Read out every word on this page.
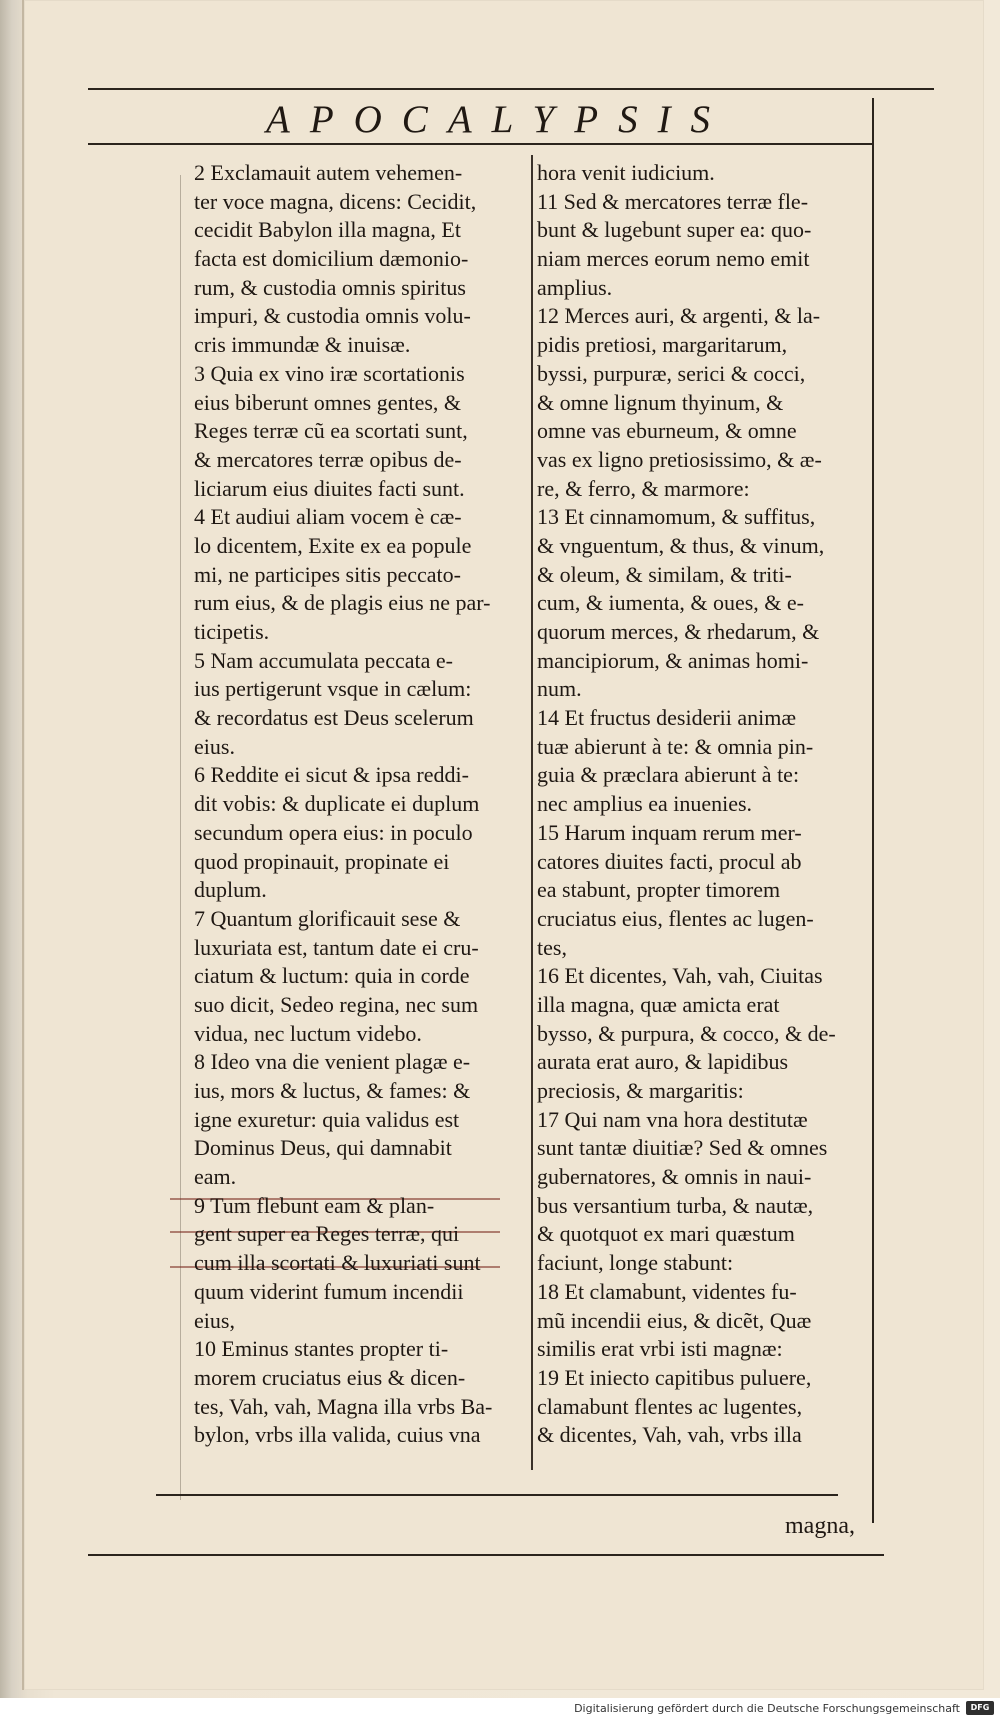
APOCALYPSIS
2 Exclamauit autem vehemen-
ter voce magna, dicens: Cecidit,
cecidit Babylon illa magna, Et
facta est domicilium dæmonio-
rum, & custodia omnis spiritus
impuri, & custodia omnis volu-
cris immundæ & inuisæ.
3 Quia ex vino iræ scortationis
eius biberunt omnes gentes, &
Reges terræ cũ ea scortati sunt,
& mercatores terræ opibus de-
liciarum eius diuites facti sunt.
4 Et audiui aliam vocem è cæ-
lo dicentem, Exite ex ea popule
mi, ne participes sitis peccato-
rum eius, & de plagis eius ne par-
ticipetis.
5 Nam accumulata peccata e-
ius pertigerunt vsque in cælum:
& recordatus est Deus scelerum
eius.
6 Reddite ei sicut & ipsa reddi-
dit vobis: & duplicate ei duplum
secundum opera eius: in poculo
quod propinauit, propinate ei
duplum.
7 Quantum glorificauit sese &
luxuriata est, tantum date ei cru-
ciatum & luctum: quia in corde
suo dicit, Sedeo regina, nec sum
vidua, nec luctum videbo.
8 Ideo vna die venient plagæ e-
ius, mors & luctus, & fames: &
igne exuretur: quia validus est
Dominus Deus, qui damnabit
eam.
9 Tum flebunt eam & plan-
gent super ea Reges terræ, qui
cum illa scortati & luxuriati sunt
quum viderint fumum incendii
eius,
10 Eminus stantes propter ti-
morem cruciatus eius & dicen-
tes, Vah, vah, Magna illa vrbs Ba-
bylon, vrbs illa valida, cuius vna
hora venit iudicium.
11 Sed & mercatores terræ fle-
bunt & lugebunt super ea: quo-
niam merces eorum nemo emit
amplius.
12 Merces auri, & argenti, & la-
pidis pretiosi, margaritarum,
byssi, purpuræ, serici & cocci,
& omne lignum thyinum, &
omne vas eburneum, & omne
vas ex ligno pretiosissimo, & æ-
re, & ferro, & marmore:
13 Et cinnamomum, & suffitus,
& vnguentum, & thus, & vinum,
& oleum, & similam, & triti-
cum, & iumenta, & oues, & e-
quorum merces, & rhedarum, &
mancipiorum, & animas homi-
num.
14 Et fructus desiderii animæ
tuæ abierunt à te: & omnia pin-
guia & præclara abierunt à te:
nec amplius ea inuenies.
15 Harum inquam rerum mer-
catores diuites facti, procul ab
ea stabunt, propter timorem
cruciatus eius, flentes ac lugen-
tes,
16 Et dicentes, Vah, vah, Ciuitas
illa magna, quæ amicta erat
bysso, & purpura, & cocco, & de-
aurata erat auro, & lapidibus
preciosis, & margaritis:
17 Qui nam vna hora destitutæ
sunt tantæ diuitiæ? Sed & omnes
gubernatores, & omnis in naui-
bus versantium turba, & nautæ,
& quotquot ex mari quæstum
faciunt, longe stabunt:
18 Et clamabunt, videntes fu-
mũ incendii eius, & dicẽt, Quæ
similis erat vrbi isti magnæ:
19 Et iniecto capitibus puluere,
clamabunt flentes ac lugentes,
& dicentes, Vah, vah, vrbs illa
magna,
Digitalisierung gefördert durch die Deutsche Forschungsgemeinschaft	DFG
